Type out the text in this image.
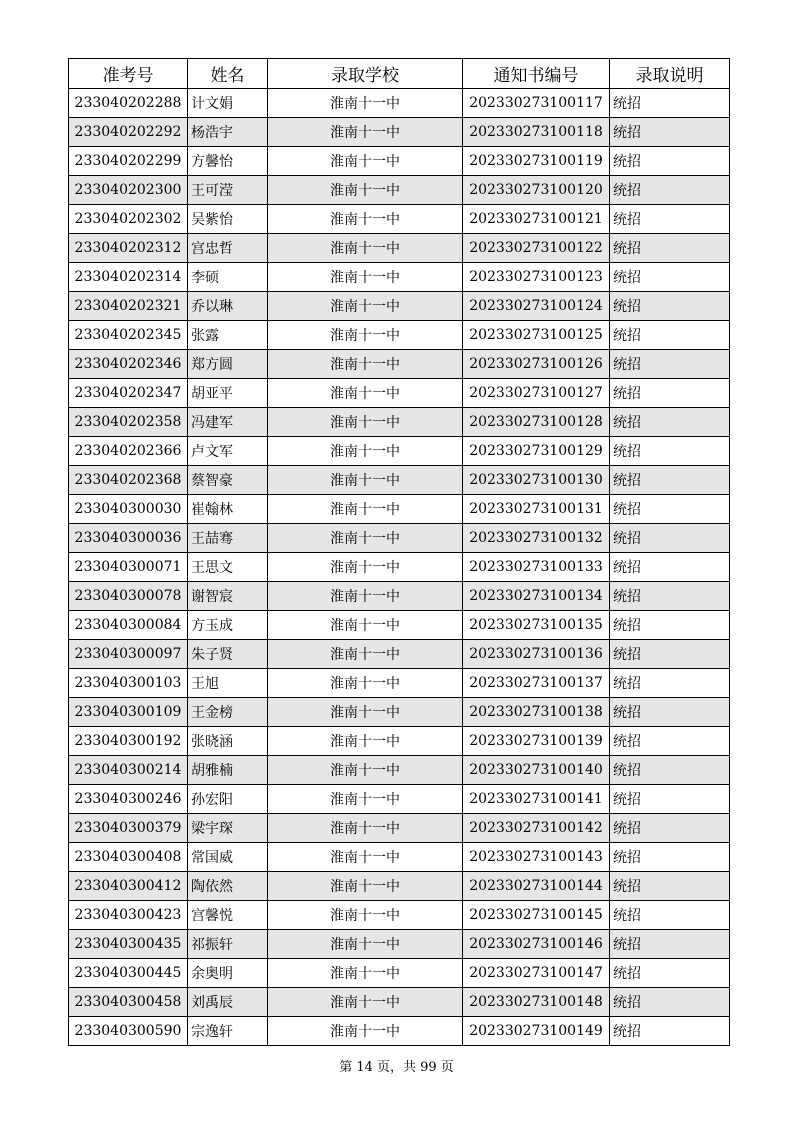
准考号	姓名	录取学校	通知书编号	录取说明
233040202288	计文娟	淮南十一中	202330273100117	统招
233040202292	杨浩宇	淮南十一中	202330273100118	统招
233040202299	方馨怡	淮南十一中	202330273100119	统招
233040202300	王可滢	淮南十一中	202330273100120	统招
233040202302	吴紫怡	淮南十一中	202330273100121	统招
233040202312	宫忠哲	淮南十一中	202330273100122	统招
233040202314	李硕	淮南十一中	202330273100123	统招
233040202321	乔以琳	淮南十一中	202330273100124	统招
233040202345	张露	淮南十一中	202330273100125	统招
233040202346	郑方圆	淮南十一中	202330273100126	统招
233040202347	胡亚平	淮南十一中	202330273100127	统招
233040202358	冯建军	淮南十一中	202330273100128	统招
233040202366	卢文军	淮南十一中	202330273100129	统招
233040202368	蔡智豪	淮南十一中	202330273100130	统招
233040300030	崔翰林	淮南十一中	202330273100131	统招
233040300036	王喆骞	淮南十一中	202330273100132	统招
233040300071	王思文	淮南十一中	202330273100133	统招
233040300078	谢智宸	淮南十一中	202330273100134	统招
233040300084	方玉成	淮南十一中	202330273100135	统招
233040300097	朱子贤	淮南十一中	202330273100136	统招
233040300103	王旭	淮南十一中	202330273100137	统招
233040300109	王金榜	淮南十一中	202330273100138	统招
233040300192	张晓涵	淮南十一中	202330273100139	统招
233040300214	胡雅楠	淮南十一中	202330273100140	统招
233040300246	孙宏阳	淮南十一中	202330273100141	统招
233040300379	梁宇琛	淮南十一中	202330273100142	统招
233040300408	常国威	淮南十一中	202330273100143	统招
233040300412	陶依然	淮南十一中	202330273100144	统招
233040300423	宫馨悦	淮南十一中	202330273100145	统招
233040300435	祁振轩	淮南十一中	202330273100146	统招
233040300445	余奥明	淮南十一中	202330273100147	统招
233040300458	刘禹辰	淮南十一中	202330273100148	统招
233040300590	宗逸轩	淮南十一中	202330273100149	统招
第 14 页，共 99 页
